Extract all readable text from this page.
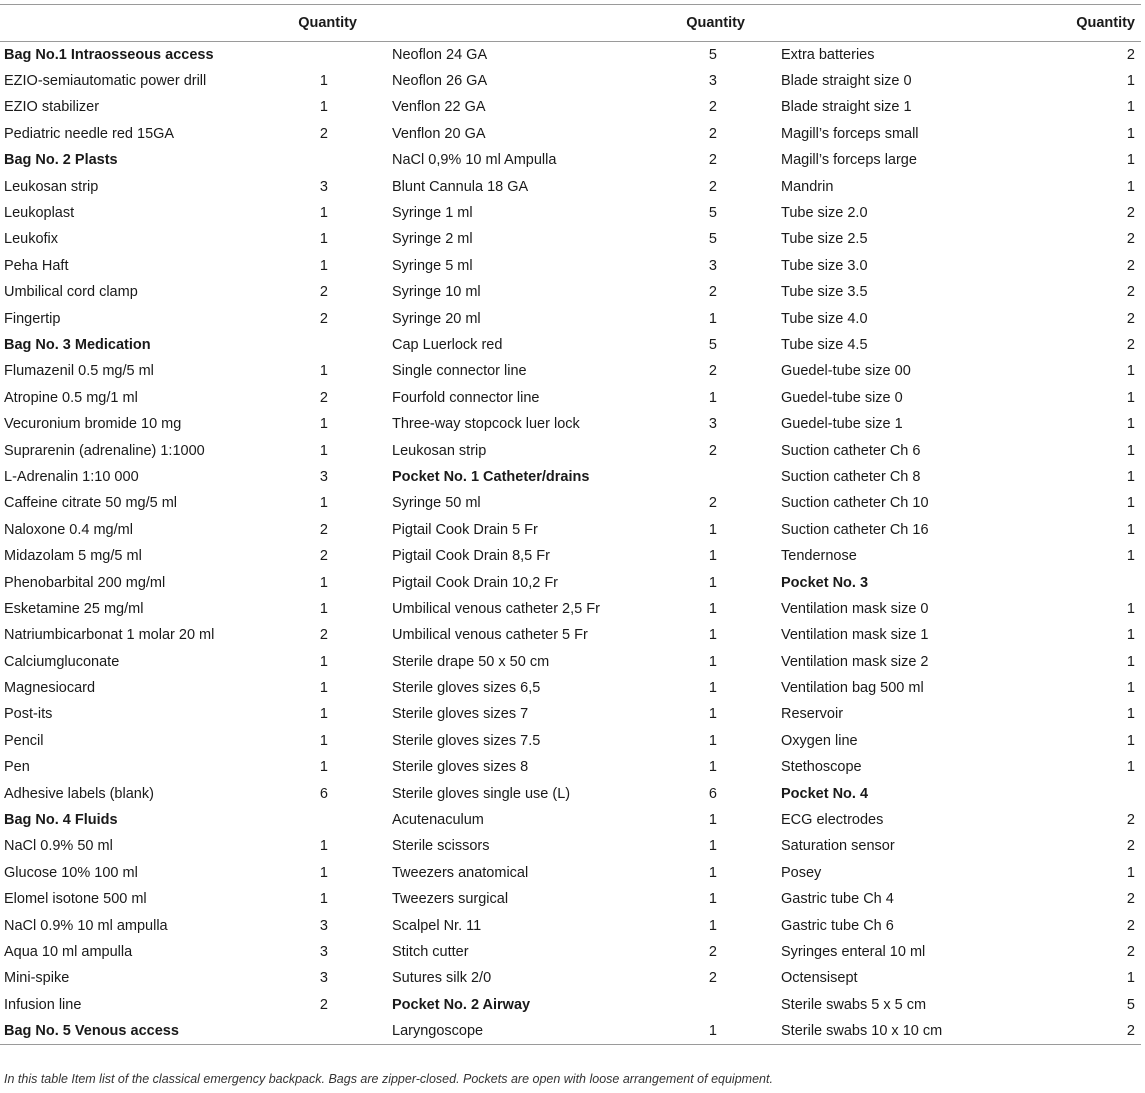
	Quantity		Quantity		Quantity
Bag No.1 Intraosseous access		Neoflon 24 GA	5	Extra batteries	2
EZIO-semiautomatic power drill	1	Neoflon 26 GA	3	Blade straight size 0	1
EZIO stabilizer	1	Venflon 22 GA	2	Blade straight size 1	1
Pediatric needle red 15GA	2	Venflon 20 GA	2	Magill’s forceps small	1
Bag No. 2 Plasts		NaCl 0,9% 10 ml Ampulla	2	Magill’s forceps large	1
Leukosan strip	3	Blunt Cannula 18 GA	2	Mandrin	1
Leukoplast	1	Syringe 1 ml	5	Tube size 2.0	2
Leukofix	1	Syringe 2 ml	5	Tube size 2.5	2
Peha Haft	1	Syringe 5 ml	3	Tube size 3.0	2
Umbilical cord clamp	2	Syringe 10 ml	2	Tube size 3.5	2
Fingertip	2	Syringe 20 ml	1	Tube size 4.0	2
Bag No. 3 Medication		Cap Luerlock red	5	Tube size 4.5	2
Flumazenil 0.5 mg/5 ml	1	Single connector line	2	Guedel-tube size 00	1
Atropine 0.5 mg/1 ml	2	Fourfold connector line	1	Guedel-tube size 0	1
Vecuronium bromide 10 mg	1	Three-way stopcock luer lock	3	Guedel-tube size 1	1
Suprarenin (adrenaline) 1:1000	1	Leukosan strip	2	Suction catheter Ch 6	1
L-Adrenalin 1:10 000	3	Pocket No. 1 Catheter/drains		Suction catheter Ch 8	1
Caffeine citrate 50 mg/5 ml	1	Syringe 50 ml	2	Suction catheter Ch 10	1
Naloxone 0.4 mg/ml	2	Pigtail Cook Drain 5 Fr	1	Suction catheter Ch 16	1
Midazolam 5 mg/5 ml	2	Pigtail Cook Drain 8,5 Fr	1	Tendernose	1
Phenobarbital 200 mg/ml	1	Pigtail Cook Drain 10,2 Fr	1	Pocket No. 3	
Esketamine 25 mg/ml	1	Umbilical venous catheter 2,5 Fr	1	Ventilation mask size 0	1
Natriumbicarbonat 1 molar 20 ml	2	Umbilical venous catheter 5 Fr	1	Ventilation mask size 1	1
Calciumgluconate	1	Sterile drape 50 x 50 cm	1	Ventilation mask size 2	1
Magnesiocard	1	Sterile gloves sizes 6,5	1	Ventilation bag 500 ml	1
Post-its	1	Sterile gloves sizes 7	1	Reservoir	1
Pencil	1	Sterile gloves sizes 7.5	1	Oxygen line	1
Pen	1	Sterile gloves sizes 8	1	Stethoscope	1
Adhesive labels (blank)	6	Sterile gloves single use (L)	6	Pocket No. 4	
Bag No. 4 Fluids		Acutenaculum	1	ECG electrodes	2
NaCl 0.9% 50 ml	1	Sterile scissors	1	Saturation sensor	2
Glucose 10% 100 ml	1	Tweezers anatomical	1	Posey	1
Elomel isotone 500 ml	1	Tweezers surgical	1	Gastric tube Ch 4	2
NaCl 0.9% 10 ml ampulla	3	Scalpel Nr. 11	1	Gastric tube Ch 6	2
Aqua 10 ml ampulla	3	Stitch cutter	2	Syringes enteral 10 ml	2
Mini-spike	3	Sutures silk 2/0	2	Octensisept	1
Infusion line	2	Pocket No. 2 Airway		Sterile swabs 5 x 5 cm	5
Bag No. 5 Venous access		Laryngoscope	1	Sterile swabs 10 x 10 cm	2
In this table Item list of the classical emergency backpack. Bags are zipper-closed. Pockets are open with loose arrangement of equipment.
